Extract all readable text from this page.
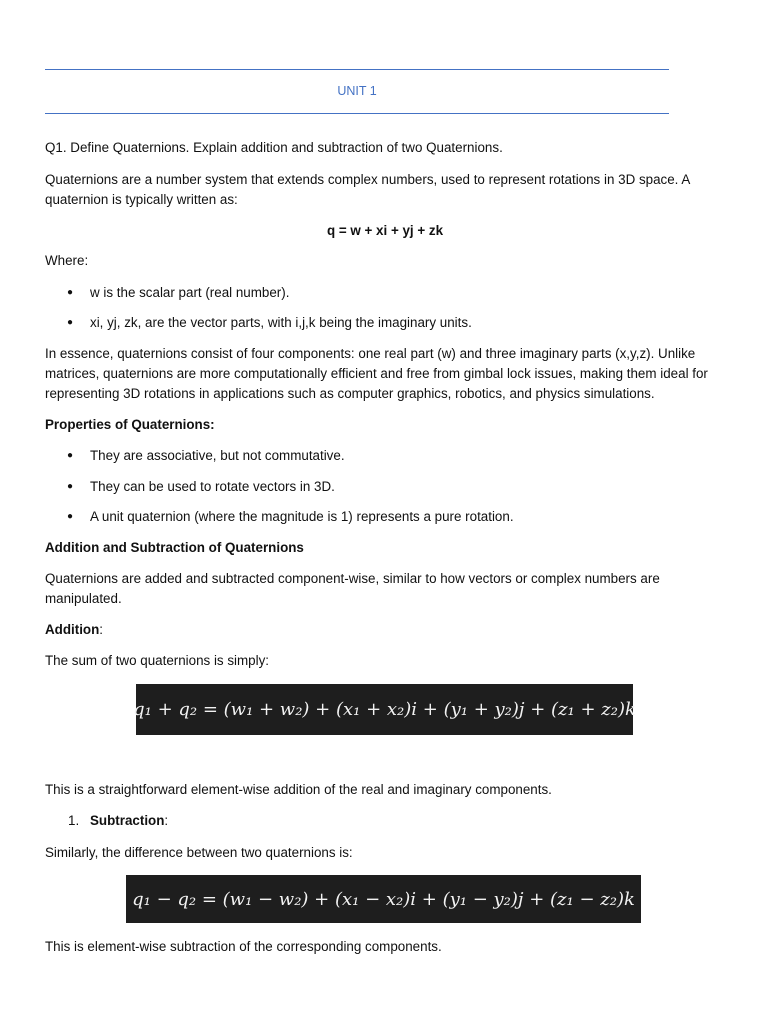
UNIT 1

Q1. Define Quaternions. Explain addition and subtraction of two Quaternions.

Quaternions are a number system that extends complex numbers, used to represent rotations in 3D space. A quaternion is typically written as:

q = w + xi + yj + zk

Where:

● w is the scalar part (real number).
● xi, yj, zk, are the vector parts, with i,j,k being the imaginary units.

In essence, quaternions consist of four components: one real part (w) and three imaginary parts (x,y,z). Unlike matrices, quaternions are more computationally efficient and free from gimbal lock issues, making them ideal for representing 3D rotations in applications such as computer graphics, robotics, and physics simulations.

Properties of Quaternions:

● They are associative, but not commutative.
● They can be used to rotate vectors in 3D.
● A unit quaternion (where the magnitude is 1) represents a pure rotation.

Addition and Subtraction of Quaternions

Quaternions are added and subtracted component-wise, similar to how vectors or complex numbers are manipulated.

Addition:

The sum of two quaternions is simply:

q₁ + q₂ = (w₁ + w₂) + (x₁ + x₂)i + (y₁ + y₂)j + (z₁ + z₂)k

This is a straightforward element-wise addition of the real and imaginary components.

1. Subtraction:

Similarly, the difference between two quaternions is:

q₁ − q₂ = (w₁ − w₂) + (x₁ − x₂)i + (y₁ − y₂)j + (z₁ − z₂)k

This is element-wise subtraction of the corresponding components.
